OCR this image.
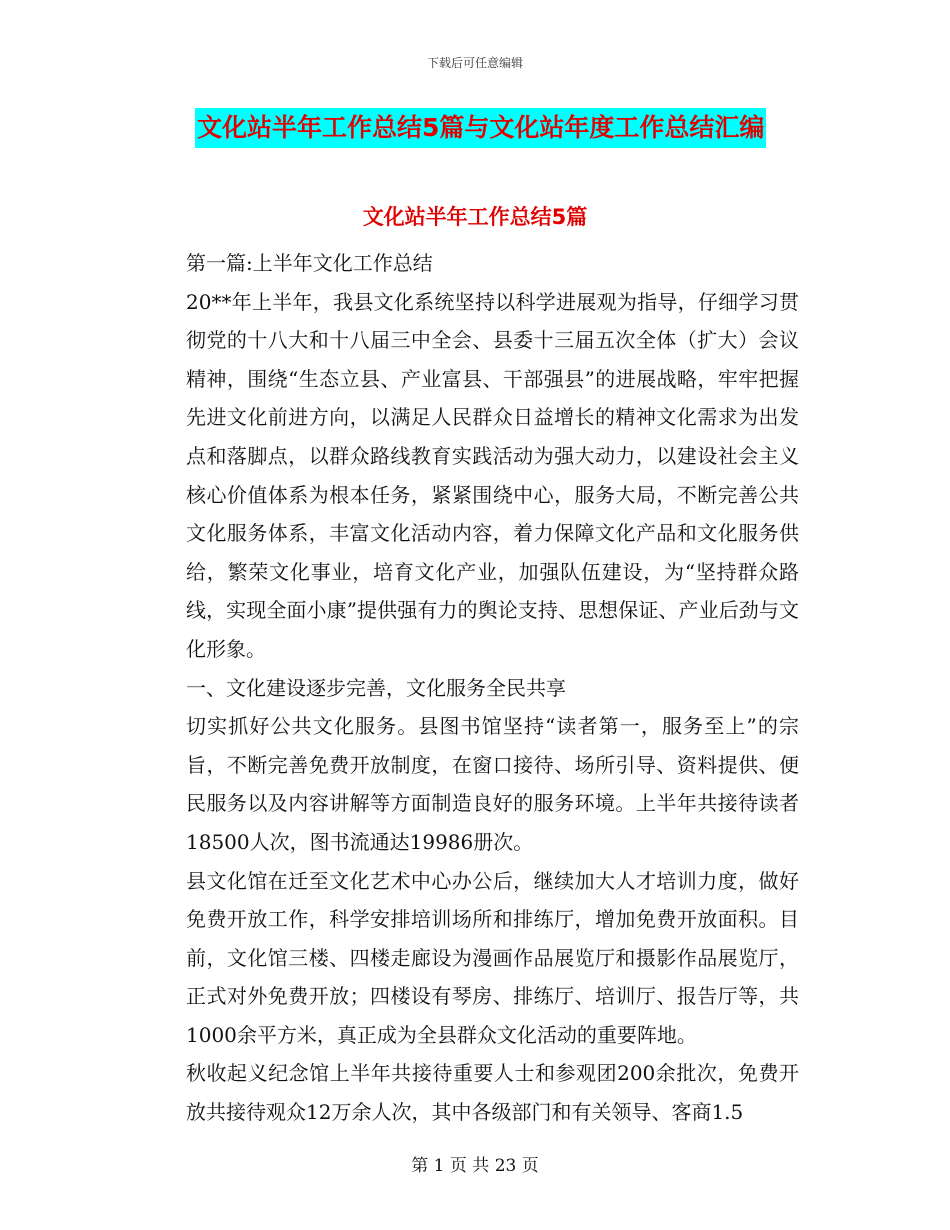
下载后可任意编辑
文化站半年工作总结5篇与文化站年度工作总结汇编
文化站半年工作总结5篇

第一篇:上半年文化工作总结

20**年上半年，我县文化系统坚持以科学进展观为指导，仔细学习贯彻党的十八大和十八届三中全会、县委十三届五次全体（扩大）会议精神，围绕“生态立县、产业富县、干部强县”的进展战略，牢牢把握先进文化前进方向，以满足人民群众日益增长的精神文化需求为出发点和落脚点，以群众路线教育实践活动为强大动力，以建设社会主义核心价值体系为根本任务，紧紧围绕中心，服务大局，不断完善公共文化服务体系，丰富文化活动内容，着力保障文化产品和文化服务供给，繁荣文化事业，培育文化产业，加强队伍建设，为“坚持群众路线，实现全面小康”提供强有力的舆论支持、思想保证、产业后劲与文化形象。

一、文化建设逐步完善，文化服务全民共享

切实抓好公共文化服务。县图书馆坚持“读者第一，服务至上”的宗旨，不断完善免费开放制度，在窗口接待、场所引导、资料提供、便民服务以及内容讲解等方面制造良好的服务环境。上半年共接待读者18500人次，图书流通达19986册次。

县文化馆在迁至文化艺术中心办公后，继续加大人才培训力度，做好免费开放工作，科学安排培训场所和排练厅，增加免费开放面积。目前，文化馆三楼、四楼走廊设为漫画作品展览厅和摄影作品展览厅，正式对外免费开放；四楼设有琴房、排练厅、培训厅、报告厅等，共1000余平方米，真正成为全县群众文化活动的重要阵地。

秋收起义纪念馆上半年共接待重要人士和参观团200余批次，免费开放共接待观众12万余人次，其中各级部门和有关领导、客商1.5

第 1 页 共 23 页
